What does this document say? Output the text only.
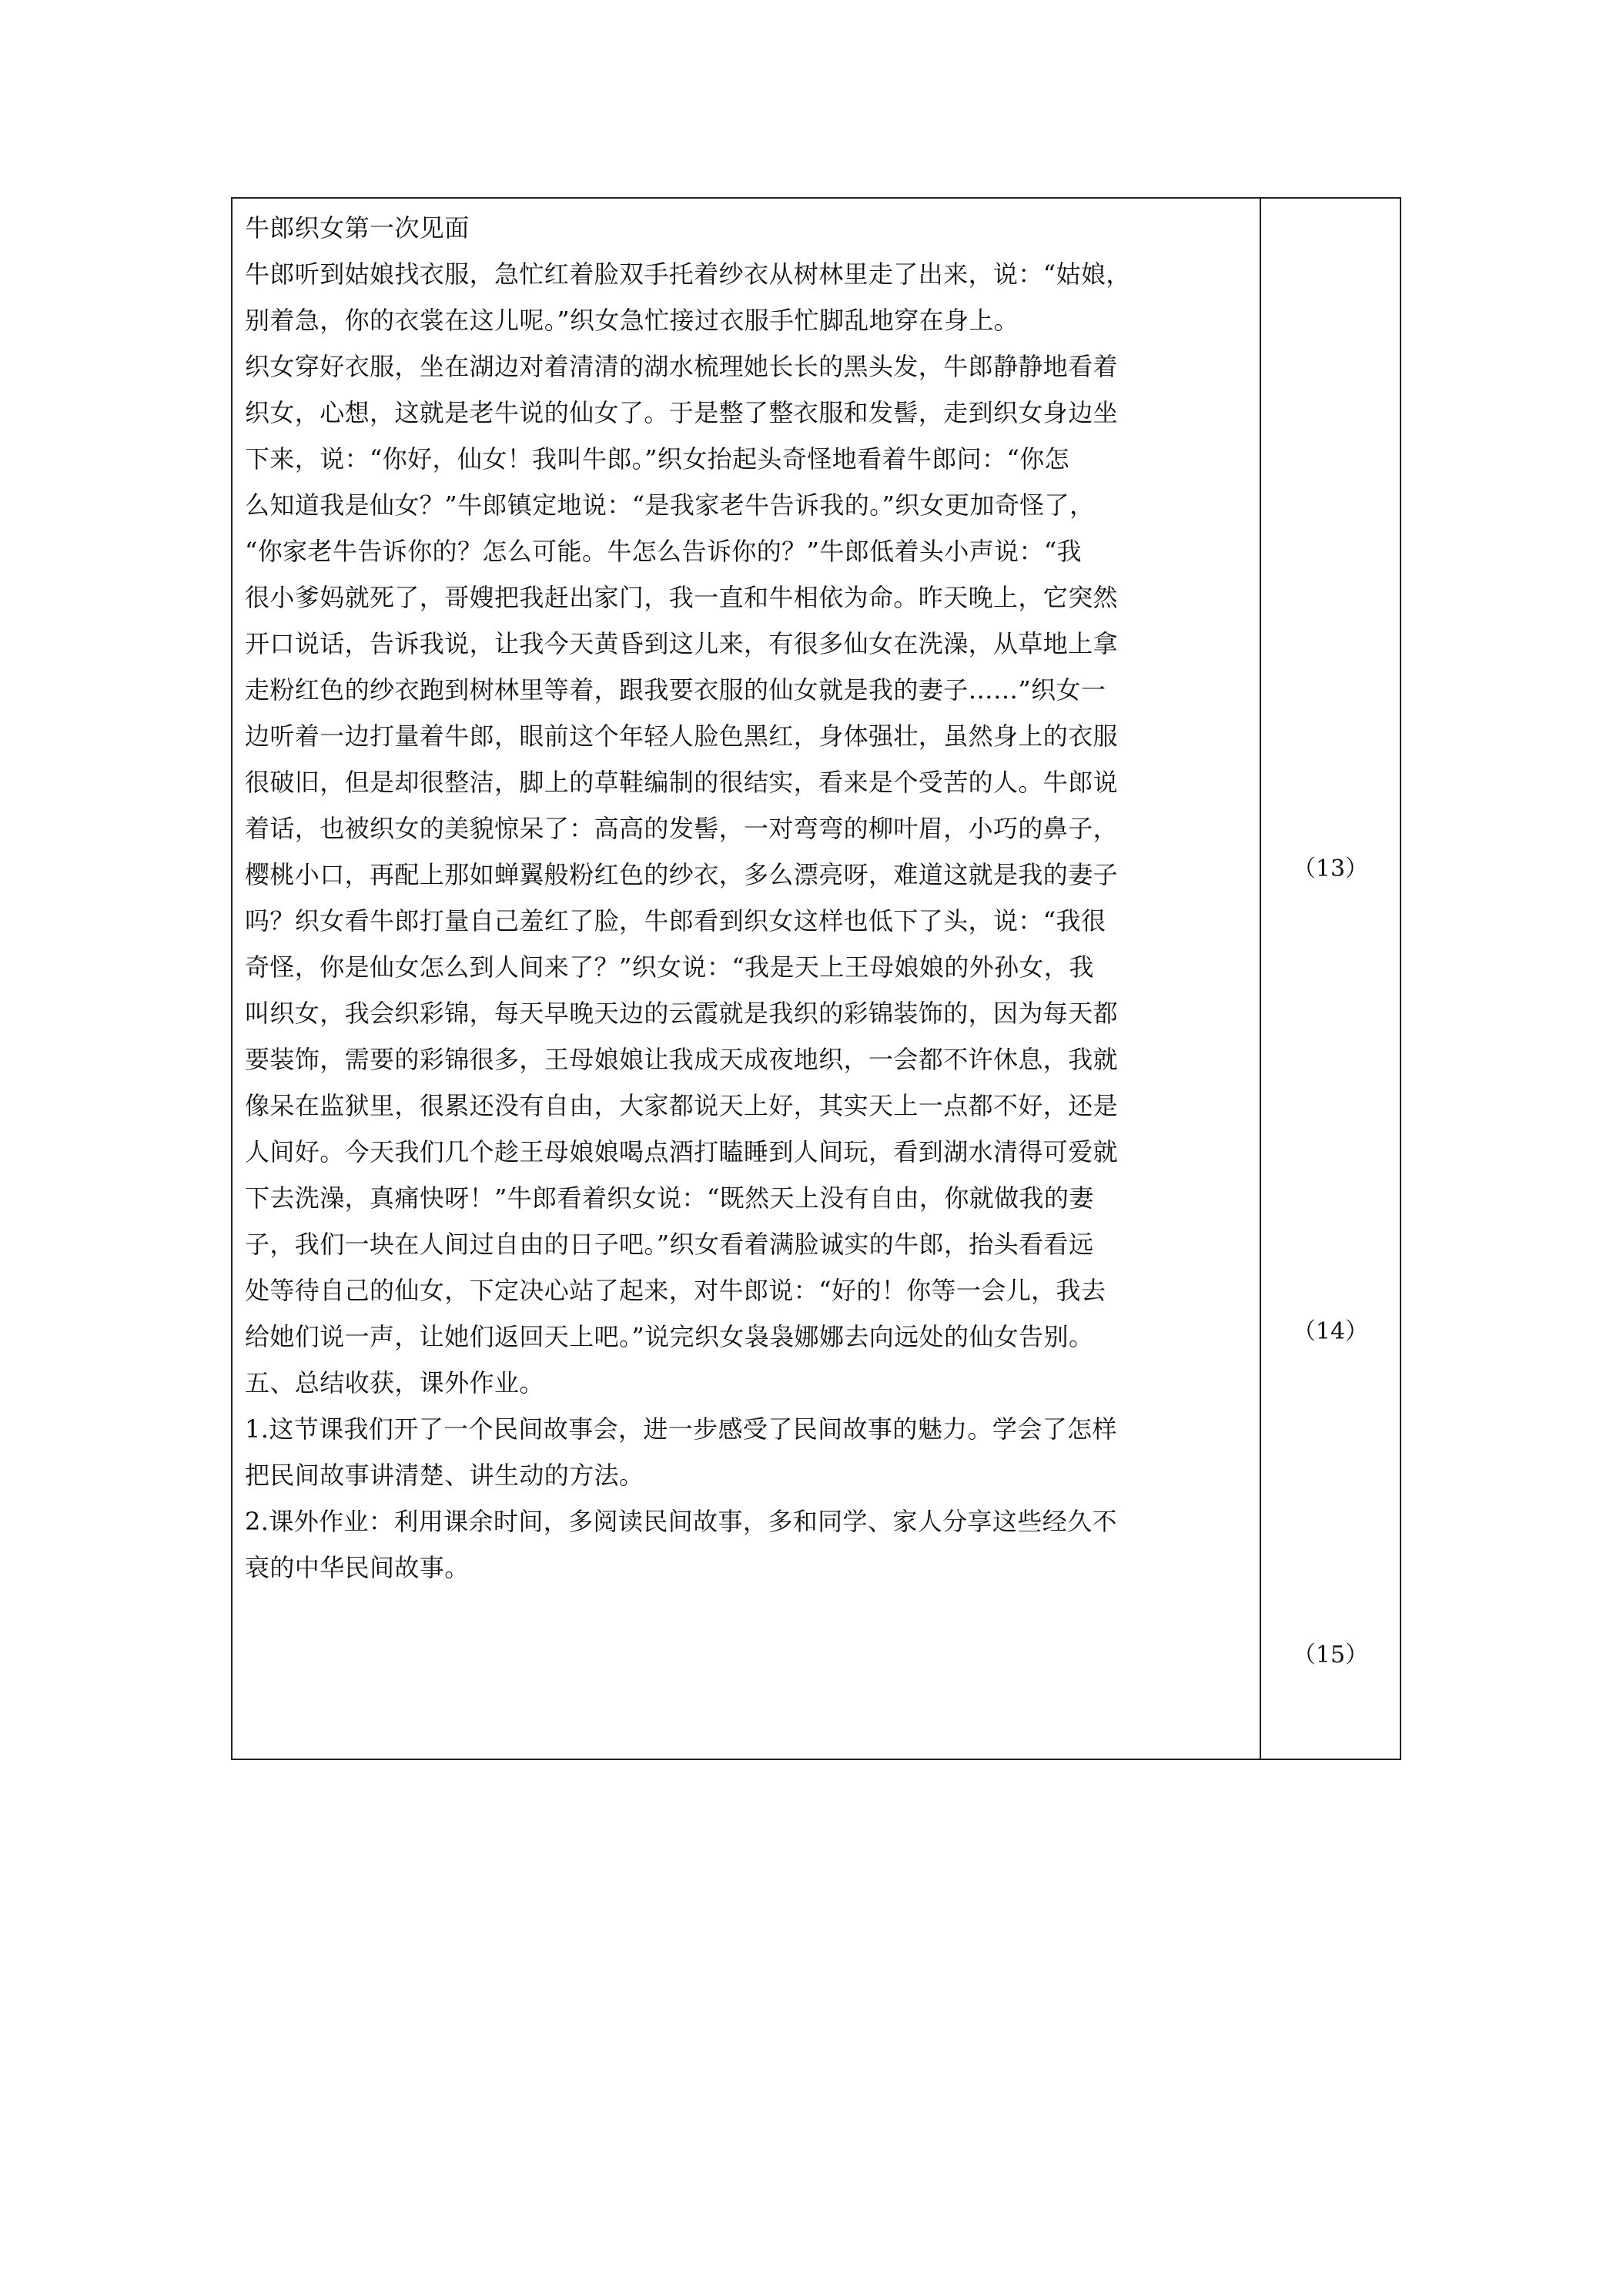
牛郎织女第一次见面
牛郎听到姑娘找衣服，急忙红着脸双手托着纱衣从树林里走了出来，说：“姑娘，
别着急，你的衣裳在这儿呢。”织女急忙接过衣服手忙脚乱地穿在身上。
织女穿好衣服，坐在湖边对着清清的湖水梳理她长长的黑头发，牛郎静静地看着
织女，心想，这就是老牛说的仙女了。于是整了整衣服和发髻，走到织女身边坐
下来，说：“你好，仙女！我叫牛郎。”织女抬起头奇怪地看着牛郎问：“你怎
么知道我是仙女？”牛郎镇定地说：“是我家老牛告诉我的。”织女更加奇怪了，
“你家老牛告诉你的？怎么可能。牛怎么告诉你的？”牛郎低着头小声说：“我
很小爹妈就死了，哥嫂把我赶出家门，我一直和牛相依为命。昨天晚上，它突然
开口说话，告诉我说，让我今天黄昏到这儿来，有很多仙女在洗澡，从草地上拿
走粉红色的纱衣跑到树林里等着，跟我要衣服的仙女就是我的妻子……”织女一
边听着一边打量着牛郎，眼前这个年轻人脸色黑红，身体强壮，虽然身上的衣服
很破旧，但是却很整洁，脚上的草鞋编制的很结实，看来是个受苦的人。牛郎说
着话，也被织女的美貌惊呆了：高高的发髻，一对弯弯的柳叶眉，小巧的鼻子，
樱桃小口，再配上那如蝉翼般粉红色的纱衣，多么漂亮呀，难道这就是我的妻子
吗？织女看牛郎打量自己羞红了脸，牛郎看到织女这样也低下了头，说：“我很
奇怪，你是仙女怎么到人间来了？”织女说：“我是天上王母娘娘的外孙女，我
叫织女，我会织彩锦，每天早晚天边的云霞就是我织的彩锦装饰的，因为每天都
要装饰，需要的彩锦很多，王母娘娘让我成天成夜地织，一会都不许休息，我就
像呆在监狱里，很累还没有自由，大家都说天上好，其实天上一点都不好，还是
人间好。今天我们几个趁王母娘娘喝点酒打瞌睡到人间玩，看到湖水清得可爱就
下去洗澡，真痛快呀！”牛郎看着织女说：“既然天上没有自由，你就做我的妻
子，我们一块在人间过自由的日子吧。”织女看着满脸诚实的牛郎，抬头看看远
处等待自己的仙女，下定决心站了起来，对牛郎说：“好的！你等一会儿，我去
给她们说一声，让她们返回天上吧。”说完织女袅袅娜娜去向远处的仙女告别。
五、总结收获，课外作业。
1.这节课我们开了一个民间故事会，进一步感受了民间故事的魅力。学会了怎样
把民间故事讲清楚、讲生动的方法。
2.课外作业：利用课余时间，多阅读民间故事，多和同学、家人分享这些经久不
衰的中华民间故事。
（13）
（14）
（15）
